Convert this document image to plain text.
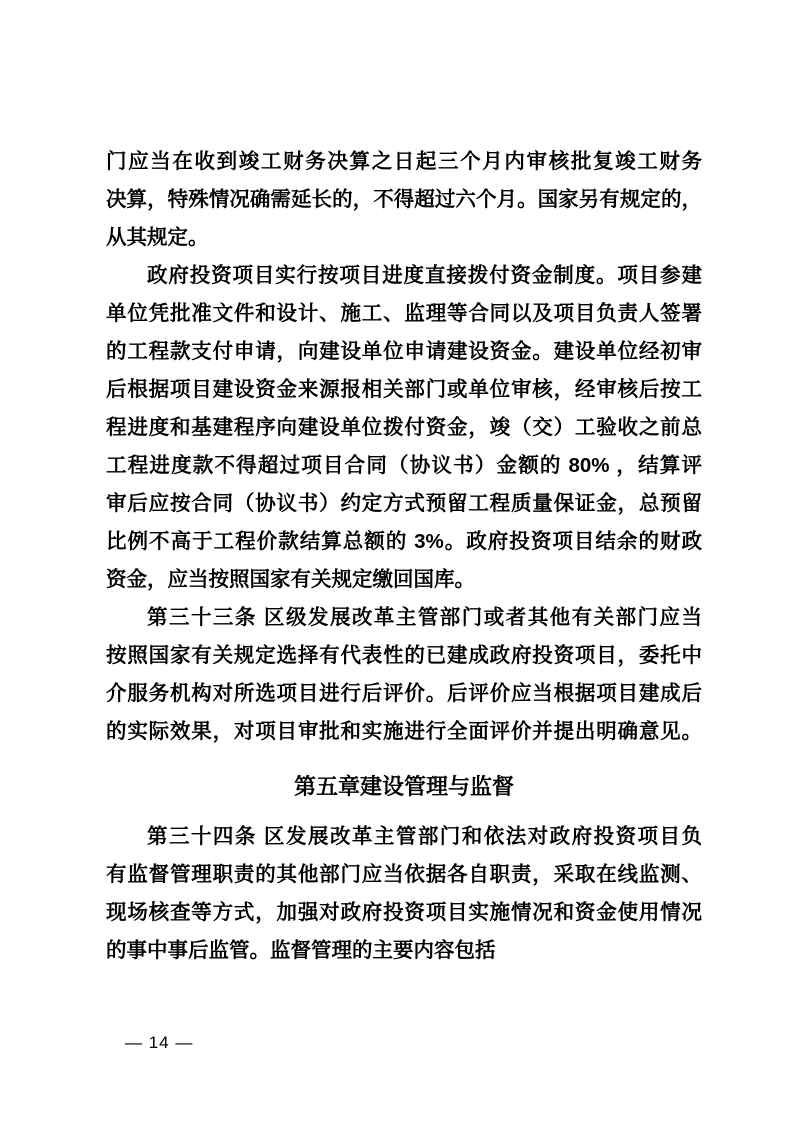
门应当在收到竣工财务决算之日起三个月内审核批复竣工财务
决算，特殊情况确需延长的，不得超过六个月。国家另有规定的，
从其规定。
政府投资项目实行按项目进度直接拨付资金制度。项目参建
单位凭批准文件和设计、施工、监理等合同以及项目负责人签署
的工程款支付申请，向建设单位申请建设资金。建设单位经初审
后根据项目建设资金来源报相关部门或单位审核，经审核后按工
程进度和基建程序向建设单位拨付资金，竣（交）工验收之前总
工程进度款不得超过项目合同（协议书）金额的 80% ，结算评
审后应按合同（协议书）约定方式预留工程质量保证金，总预留
比例不高于工程价款结算总额的 3%。政府投资项目结余的财政
资金，应当按照国家有关规定缴回国库。
第三十三条 区级发展改革主管部门或者其他有关部门应当
按照国家有关规定选择有代表性的已建成政府投资项目，委托中
介服务机构对所选项目进行后评价。后评价应当根据项目建成后
的实际效果，对项目审批和实施进行全面评价并提出明确意见。
第五章建设管理与监督
第三十四条 区发展改革主管部门和依法对政府投资项目负
有监督管理职责的其他部门应当依据各自职责，采取在线监测、
现场核查等方式，加强对政府投资项目实施情况和资金使用情况
的事中事后监管。监督管理的主要内容包括
— 14 —
